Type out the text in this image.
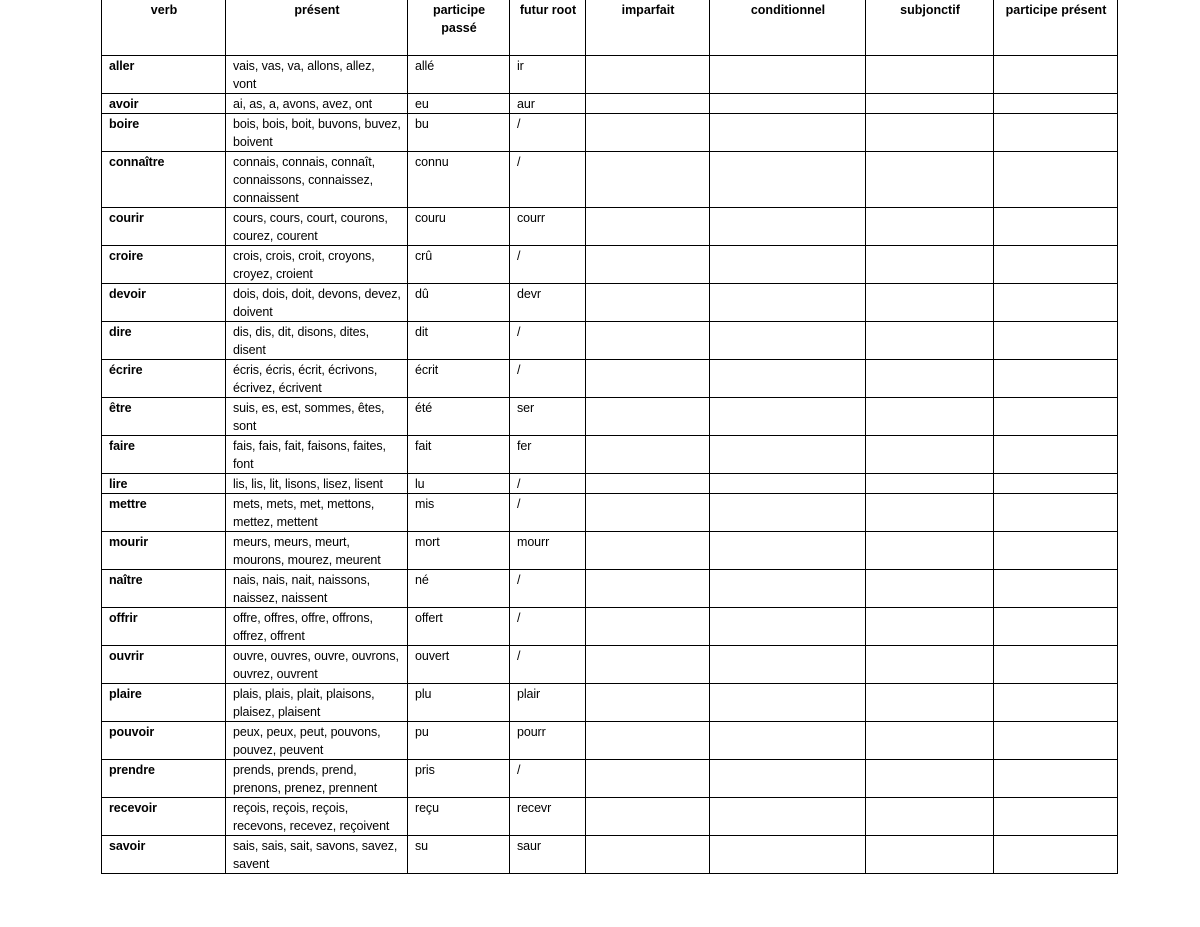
verb	présent	participe passé	futur root	imparfait	conditionnel	subjonctif	participe présent
aller	vais, vas, va, allons, allez, vont	allé	ir				
avoir	ai, as, a, avons, avez, ont	eu	aur				
boire	bois, bois, boit, buvons, buvez, boivent	bu	/				
connaître	connais, connais, connaît, connaissons, connaissez, connaissent	connu	/				
courir	cours, cours, court, courons, courez, courent	couru	courr				
croire	crois, crois, croit, croyons, croyez, croient	crû	/				
devoir	dois, dois, doit, devons, devez, doivent	dû	devr				
dire	dis, dis, dit, disons, dites, disent	dit	/				
écrire	écris, écris, écrit, écrivons, écrivez, écrivent	écrit	/				
être	suis, es, est, sommes, êtes, sont	été	ser				
faire	fais, fais, fait, faisons, faites, font	fait	fer				
lire	lis, lis, lit, lisons, lisez, lisent	lu	/				
mettre	mets, mets, met, mettons, mettez, mettent	mis	/				
mourir	meurs, meurs, meurt, mourons, mourez, meurent	mort	mourr				
naître	nais, nais, nait, naissons, naissez, naissent	né	/				
offrir	offre, offres, offre, offrons, offrez, offrent	offert	/				
ouvrir	ouvre, ouvres, ouvre, ouvrons, ouvrez, ouvrent	ouvert	/				
plaire	plais, plais, plait, plaisons, plaisez, plaisent	plu	plair				
pouvoir	peux, peux, peut, pouvons, pouvez, peuvent	pu	pourr				
prendre	prends, prends, prend, prenons, prenez, prennent	pris	/				
recevoir	reçois, reçois, reçois, recevons, recevez, reçoivent	reçu	recevr				
savoir	sais, sais, sait, savons, savez, savent	su	saur				
